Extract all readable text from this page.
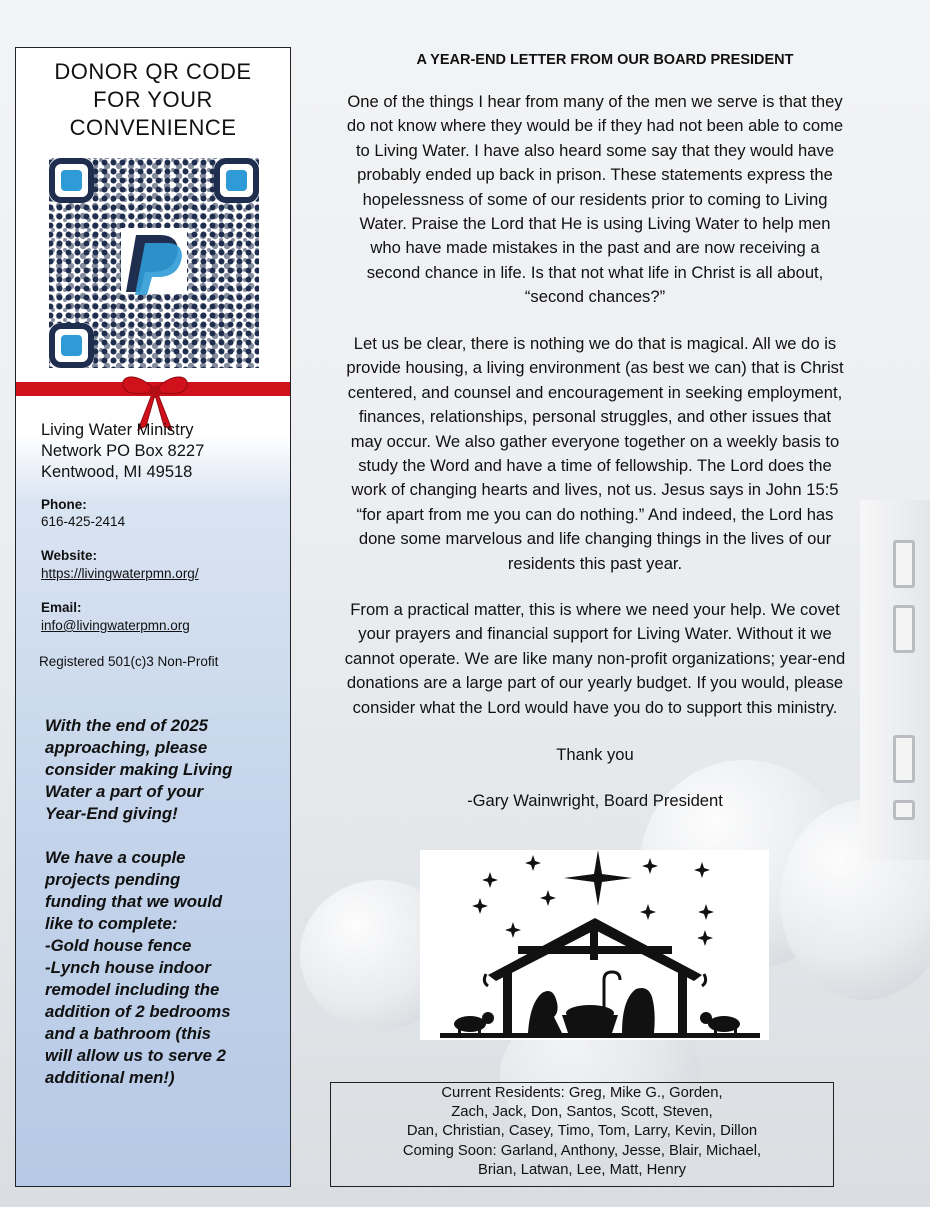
DONOR QR CODE
FOR YOUR
CONVENIENCE
Living Water Ministry
Network PO Box 8227
Kentwood, MI 49518
Phone:
616-425-2414
Website:
https://livingwaterpmn.org/
Email:
info@livingwaterpmn.org
Registered 501(c)3 Non-Profit
With the end of 2025
approaching, please
consider making Living
Water a part of your
Year-End giving!

We have a couple
projects pending
funding that we would
like to complete:
-Gold house fence
-Lynch house indoor
remodel including the
addition of 2 bedrooms
and a bathroom (this
will allow us to serve 2
additional men!)
A YEAR-END LETTER FROM OUR BOARD PRESIDENT
One of the things I hear from many of the men we serve is that they
do not know where they would be if they had not been able to come
to Living Water. I have also heard some say that they would have
probably ended up back in prison. These statements express the
hopelessness of some of our residents prior to coming to Living
Water. Praise the Lord that He is using Living Water to help men
who have made mistakes in the past and are now receiving a
second chance in life. Is that not what life in Christ is all about,
“second chances?”
Let us be clear, there is nothing we do that is magical. All we do is
provide housing, a living environment (as best we can) that is Christ
centered, and counsel and encouragement in seeking employment,
finances, relationships, personal struggles, and other issues that
may occur. We also gather everyone together on a weekly basis to
study the Word and have a time of fellowship. The Lord does the
work of changing hearts and lives, not us. Jesus says in John 15:5
“for apart from me you can do nothing.” And indeed, the Lord has
done some marvelous and life changing things in the lives of our
residents this past year.
From a practical matter, this is where we need your help. We covet
your prayers and financial support for Living Water. Without it we
cannot operate. We are like many non-profit organizations; year-end
donations are a large part of our yearly budget. If you would, please
consider what the Lord would have you do to support this ministry.
Thank you
-Gary Wainwright, Board President
Current Residents: Greg, Mike G., Gorden,
Zach, Jack, Don, Santos, Scott, Steven,
Dan, Christian, Casey, Timo, Tom, Larry, Kevin, Dillon
Coming Soon: Garland, Anthony, Jesse, Blair, Michael,
Brian, Latwan, Lee, Matt, Henry
